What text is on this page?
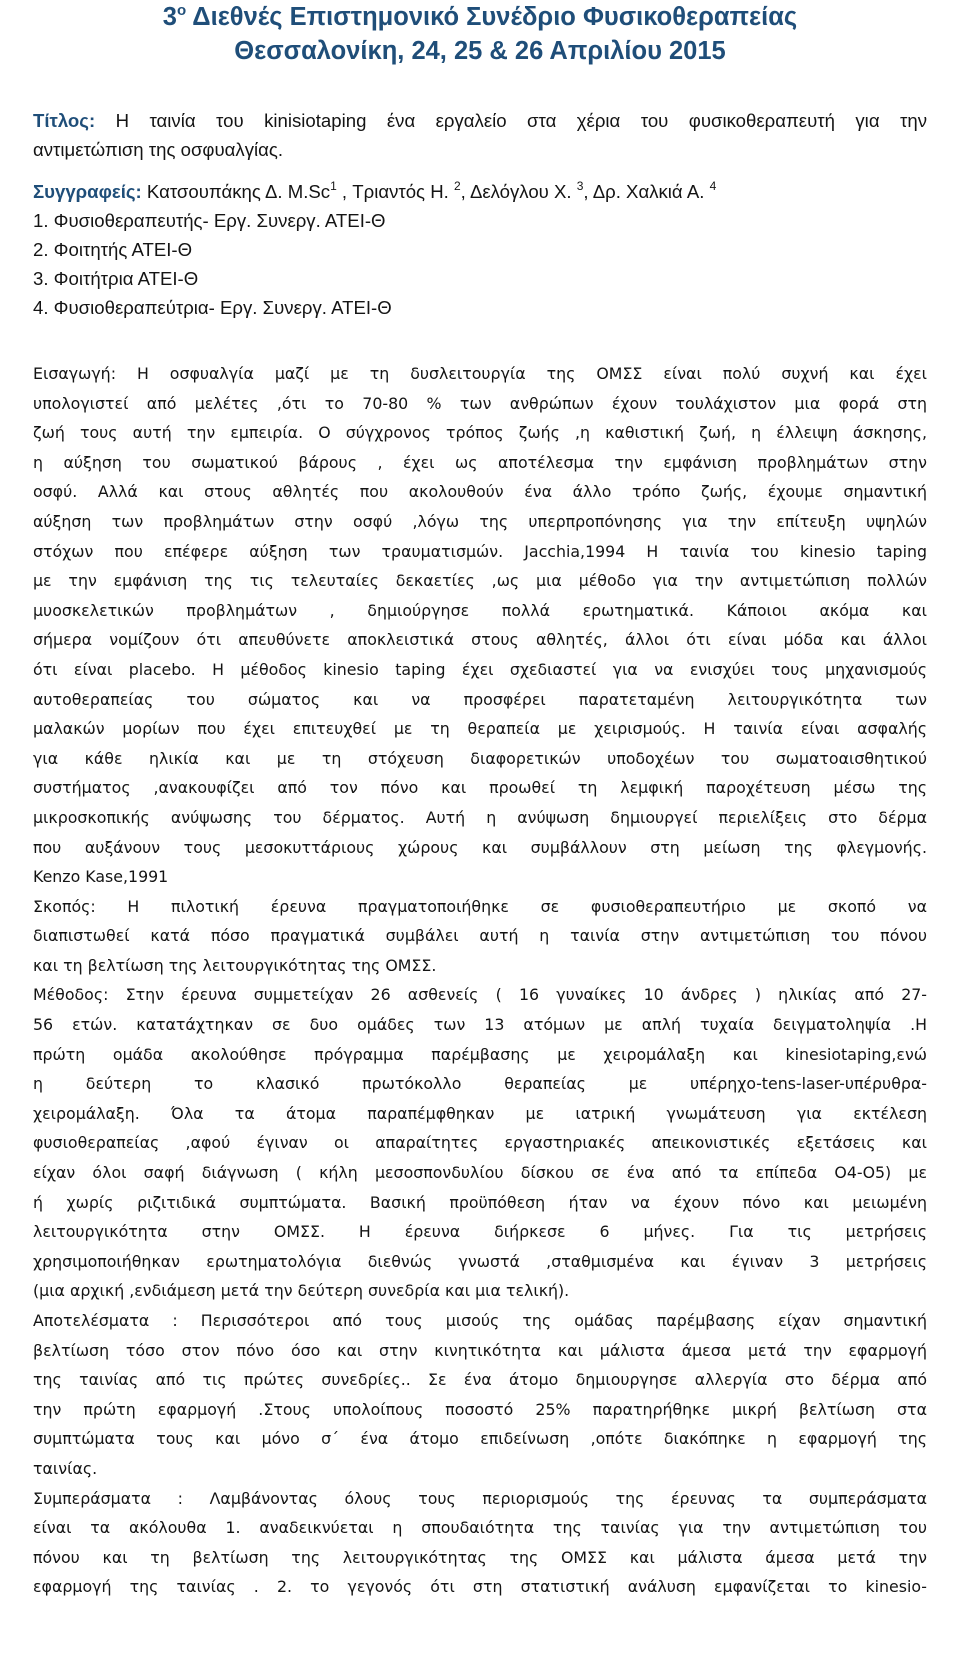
$3^o$ Διεθνές Επιστημονικό Συνέδριο Φυσικοθεραπείας
Θεσσαλονίκη, 24, 25 & 26 Απριλίου 2015
Τίτλος: Η ταινία του kinisiotaping ένα εργαλείο στα χέρια του φυσικοθεραπευτή για την
αντιμετώπιση της οσφυαλγίας.
Συγγραφείς: Κατσουπάκης Δ. M.Sc$^1$ , Τριαντός Η. $^2$, Δελόγλου Χ. $^3$, Δρ. Χαλκιά Α. $^4$
1. Φυσιοθεραπευτής- Εργ. Συνεργ. ΑΤΕΙ-Θ
2. Φοιτητής ΑΤΕΙ-Θ
3. Φοιτήτρια ΑΤΕΙ-Θ
4. Φυσιοθεραπεύτρια- Εργ. Συνεργ. ΑΤΕΙ-Θ
Εισαγωγή: Η οσφυαλγία μαζί με τη δυσλειτουργία της ΟΜΣΣ είναι πολύ συχνή και έχει
υπολογιστεί από μελέτες ,ότι το 70-80 % των ανθρώπων έχουν τουλάχιστον μια φορά στη
ζωή τους αυτή την εμπειρία. Ο σύγχρονος τρόπος ζωής ,η καθιστική ζωή, η έλλειψη άσκησης,
η αύξηση του σωματικού βάρους , έχει ως αποτέλεσμα την εμφάνιση προβλημάτων στην
οσφύ. Αλλά και στους αθλητές που ακολουθούν ένα άλλο τρόπο ζωής, έχουμε σημαντική
αύξηση των προβλημάτων στην οσφύ ,λόγω της υπερπροπόνησης για την επίτευξη υψηλών
στόχων που επέφερε αύξηση των τραυματισμών. Jacchia,1994 Η ταινία του kinesio taping
με την εμφάνιση της τις τελευταίες δεκαετίες ,ως μια μέθοδο για την αντιμετώπιση πολλών
μυοσκελετικών προβλημάτων , δημιούργησε πολλά ερωτηματικά. Κάποιοι ακόμα και
σήμερα νομίζουν ότι απευθύνετε αποκλειστικά στους αθλητές, άλλοι ότι είναι μόδα και άλλοι
ότι είναι placebo. Η μέθοδος kinesio taping έχει σχεδιαστεί για να ενισχύει τους μηχανισμούς
αυτοθεραπείας του σώματος και να προσφέρει παρατεταμένη λειτουργικότητα των
μαλακών μορίων που έχει επιτευχθεί με τη θεραπεία με χειρισμούς. Η ταινία είναι ασφαλής
για κάθε ηλικία και με τη στόχευση διαφορετικών υποδοχέων του σωματοαισθητικού
συστήματος ,ανακουφίζει από τον πόνο και προωθεί τη λεμφική παροχέτευση μέσω της
μικροσκοπικής ανύψωσης του δέρματος. Αυτή η ανύψωση δημιουργεί περιελίξεις στο δέρμα
που αυξάνουν τους μεσοκυττάριους χώρους και συμβάλλουν στη μείωση της φλεγμονής.
Kenzo Kase,1991
Σκοπός: Η πιλοτική έρευνα πραγματοποιήθηκε σε φυσιοθεραπευτήριο με σκοπό να
διαπιστωθεί κατά πόσο πραγματικά συμβάλει αυτή η ταινία στην αντιμετώπιση του πόνου
και τη βελτίωση της λειτουργικότητας της ΟΜΣΣ.
Μέθοδος: Στην έρευνα συμμετείχαν 26 ασθενείς ( 16 γυναίκες 10 άνδρες ) ηλικίας από 27-
56 ετών. κατατάχτηκαν σε δυο ομάδες των 13 ατόμων με απλή τυχαία δειγματοληψία .Η
πρώτη ομάδα ακολούθησε πρόγραμμα παρέμβασης με χειρομάλαξη και kinesiotaping,ενώ
η δεύτερη το κλασικό πρωτόκολλο θεραπείας με υπέρηχο-tens-laser-υπέρυθρα-
χειρομάλαξη. Όλα τα άτομα παραπέμφθηκαν με ιατρική γνωμάτευση για εκτέλεση
φυσιοθεραπείας ,αφού έγιναν οι απαραίτητες εργαστηριακές απεικονιστικές εξετάσεις και
είχαν όλοι σαφή διάγνωση ( κήλη μεσοσπονδυλίου δίσκου σε ένα από τα επίπεδα Ο4-Ο5) με
ή χωρίς ριζιτιδικά συμπτώματα. Βασική προϋπόθεση ήταν να έχουν πόνο και μειωμένη
λειτουργικότητα στην ΟΜΣΣ. Η έρευνα διήρκεσε 6 μήνες. Για τις μετρήσεις
χρησιμοποιήθηκαν ερωτηματολόγια διεθνώς γνωστά ,σταθμισμένα και έγιναν 3 μετρήσεις
(μια αρχική ,ενδιάμεση μετά την δεύτερη συνεδρία και μια τελική).
Αποτελέσματα : Περισσότεροι από τους μισούς της ομάδας παρέμβασης είχαν σημαντική
βελτίωση τόσο στον πόνο όσο και στην κινητικότητα και μάλιστα άμεσα μετά την εφαρμογή
της ταινίας από τις πρώτες συνεδρίες.. Σε ένα άτομο δημιουργησε αλλεργία στο δέρμα από
την πρώτη εφαρμογή .Στους υπολοίπους ποσοστό 25% παρατηρήθηκε μικρή βελτίωση στα
συμπτώματα τους και μόνο σ΄ ένα άτομο επιδείνωση ,οπότε διακόπηκε η εφαρμογή της
ταινίας.
Συμπεράσματα : Λαμβάνοντας όλους τους περιορισμούς της έρευνας τα συμπεράσματα
είναι τα ακόλουθα 1. αναδεικνύεται η σπουδαιότητα της ταινίας για την αντιμετώπιση του
πόνου και τη βελτίωση της λειτουργικότητας της ΟΜΣΣ και μάλιστα άμεσα μετά την
εφαρμογή της ταινίας . 2. το γεγονός ότι στη στατιστική ανάλυση εμφανίζεται το kinesio-
